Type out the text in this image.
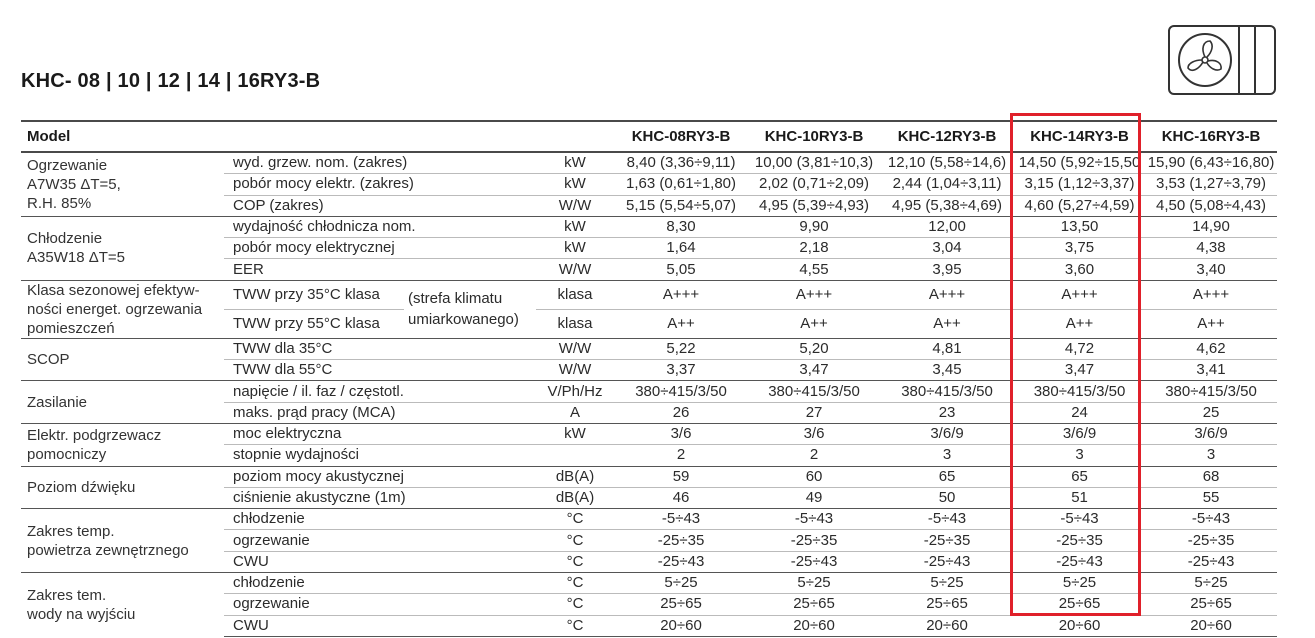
KHC- 08 | 10 | 12 | 14 | 16RY3-B
Model				KHC-08RY3-B	KHC-10RY3-B	KHC-12RY3-B	KHC-14RY3-B	KHC-16RY3-B
Ogrzewanie
A7W35 ΔT=5,
R.H. 85%	wyd. grzew. nom. (zakres)		kW	8,40 (3,36÷9,11)	10,00 (3,81÷10,3)	12,10 (5,58÷14,6)	14,50 (5,92÷15,50	15,90 (6,43÷16,80)
	pobór mocy elektr. (zakres)		kW	1,63 (0,61÷1,80)	2,02 (0,71÷2,09)	2,44 (1,04÷3,11)	3,15 (1,12÷3,37)	3,53 (1,27÷3,79)
	COP (zakres)		W/W	5,15 (5,54÷5,07)	4,95 (5,39÷4,93)	4,95 (5,38÷4,69)	4,60 (5,27÷4,59)	4,50 (5,08÷4,43)
Chłodzenie
A35W18 ΔT=5	wydajność chłodnicza nom.		kW	8,30	9,90	12,00	13,50	14,90
	pobór mocy elektrycznej		kW	1,64	2,18	3,04	3,75	4,38
	EER		W/W	5,05	4,55	3,95	3,60	3,40
Klasa sezonowej efektyw-
ności energet. ogrzewania
pomieszczeń	TWW przy 35°C klasa	(strefa klimatu
umiarkowanego)	klasa	A+++	A+++	A+++	A+++	A+++
	TWW przy 55°C klasa		klasa	A++	A++	A++	A++	A++
SCOP	TWW dla 35°C		W/W	5,22	5,20	4,81	4,72	4,62
	TWW dla 55°C		W/W	3,37	3,47	3,45	3,47	3,41
Zasilanie	napięcie / il. faz / częstotl.		V/Ph/Hz	380÷415/3/50	380÷415/3/50	380÷415/3/50	380÷415/3/50	380÷415/3/50
	maks. prąd pracy (MCA)		A	26	27	23	24	25
Elektr. podgrzewacz
pomocniczy	moc elektryczna		kW	3/6	3/6	3/6/9	3/6/9	3/6/9
	stopnie wydajności			2	2	3	3	3
Poziom dźwięku	poziom mocy akustycznej		dB(A)	59	60	65	65	68
	ciśnienie akustyczne (1m)		dB(A)	46	49	50	51	55
Zakres temp.
powietrza zewnętrznego	chłodzenie		°C	-5÷43	-5÷43	-5÷43	-5÷43	-5÷43
	ogrzewanie		°C	-25÷35	-25÷35	-25÷35	-25÷35	-25÷35
	CWU		°C	-25÷43	-25÷43	-25÷43	-25÷43	-25÷43
Zakres tem.
wody na wyjściu	chłodzenie		°C	5÷25	5÷25	5÷25	5÷25	5÷25
	ogrzewanie		°C	25÷65	25÷65	25÷65	25÷65	25÷65
	CWU		°C	20÷60	20÷60	20÷60	20÷60	20÷60
